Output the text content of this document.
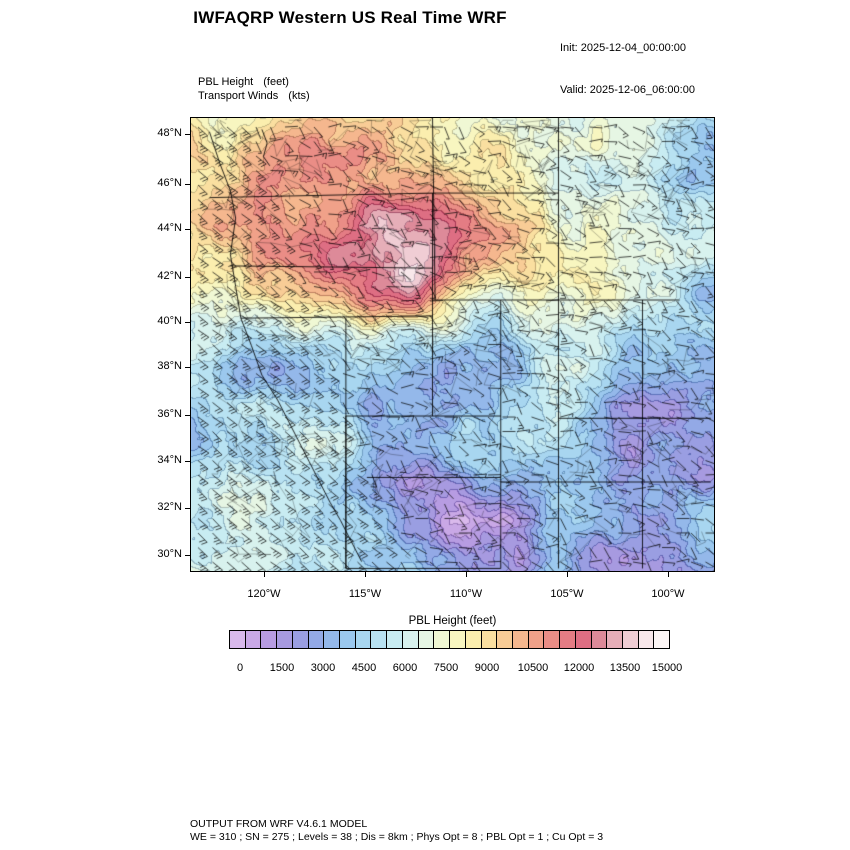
IWFAQRP Western US Real Time WRF

Init: 2025-12-04_00:00:00

Valid: 2025-12-06_06:00:00

PBL Height (feet)
Transport Winds (kts)
30°N
32°N
34°N
36°N
38°N
40°N
42°N
44°N
46°N
48°N
120°W	115°W	110°W	105°W	100°W
PBL Height (feet)
0	1500	3000	4500	6000	7500	9000	10500	12000	13500	15000
OUTPUT FROM WRF V4.6.1 MODEL
WE = 310 ; SN = 275 ; Levels = 38 ; Dis = 8km ; Phys Opt = 8 ; PBL Opt = 1 ; Cu Opt = 3
